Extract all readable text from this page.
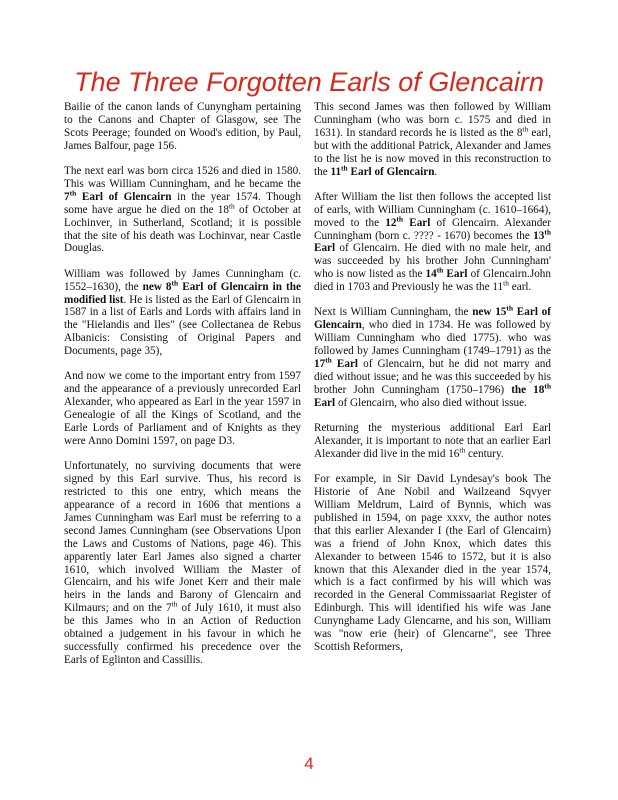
The Three Forgotten Earls of Glencairn

Bailie of the canon lands of Cunyngham pertaining to the Canons and Chapter of Glasgow, see The Scots Peerage; founded on Wood's edition, by Paul, James Balfour, page 156.

The next earl was born circa 1526 and died in 1580. This was William Cunningham, and he became the 7th Earl of Glencairn in the year 1574. Though some have argue he died on the 18th of October at Lochinver, in Sutherland, Scotland; it is possible that the site of his death was Lochinvar, near Castle Douglas.

William was followed by James Cunningham (c. 1552–1630), the new 8th Earl of Glencairn in the modified list. He is listed as the Earl of Glencairn in 1587 in a list of Earls and Lords with affairs land in the "Hielandis and Iles" (see Collectanea de Rebus Albanicis: Consisting of Original Papers and Documents, page 35),

And now we come to the important entry from 1597 and the appearance of a previously unrecorded Earl Alexander, who appeared as Earl in the year 1597 in Genealogie of all the Kings of Scotland, and the Earle Lords of Parliament and of Knights as they were Anno Domini 1597, on page D3.

Unfortunately, no surviving documents that were signed by this Earl survive. Thus, his record is restricted to this one entry, which means the appearance of a record in 1606 that mentions a James Cunningham was Earl must be referring to a second James Cunningham (see Observations Upon the Laws and Customs of Nations, page 46). This apparently later Earl James also signed a charter 1610, which involved William the Master of Glencairn, and his wife Jonet Kerr and their male heirs in the lands and Barony of Glencairn and Kilmaurs; and on the 7th of July 1610, it must also be this James who in an Action of Reduction obtained a judgement in his favour in which he successfully confirmed his precedence over the Earls of Eglinton and Cassillis.

This second James was then followed by William Cunningham (who was born c. 1575 and died in 1631). In standard records he is listed as the 8th earl, but with the additional Patrick, Alexander and James to the list he is now moved in this reconstruction to the 11th Earl of Glencairn.

After William the list then follows the accepted list of earls, with William Cunningham (c. 1610–1664), moved to the 12th Earl of Glencairn. Alexander Cunningham (born c. ???? - 1670) becomes the 13th Earl of Glencairn. He died with no male heir, and was succeeded by his brother John Cunningham' who is now listed as the 14th Earl of Glencairn.John died in 1703 and Previously he was the 11th earl.

Next is William Cunningham, the new 15th Earl of Glencairn, who died in 1734. He was followed by William Cunningham who died 1775). who was followed by James Cunningham (1749–1791) as the 17th Earl of Glencairn, but he did not marry and died without issue; and he was this succeeded by his brother John Cunningham (1750–1796) the 18th Earl of Glencairn, who also died without issue.

Returning the mysterious additional Earl Earl Alexander, it is important to note that an earlier Earl Alexander did live in the mid 16th century.

For example, in Sir David Lyndesay's book The Historie of Ane Nobil and Wailzeand Sqvyer William Meldrum, Laird of Bynnis, which was published in 1594, on page xxxv, the author notes that this earlier Alexander I (the Earl of Glencairn) was a friend of John Knox, which dates this Alexander to between 1546 to 1572, but it is also known that this Alexander died in the year 1574, which is a fact confirmed by his will which was recorded in the General Commissaariat Register of Edinburgh. This will identified his wife was Jane Cunynghame Lady Glencarne, and his son, William was "now erie (heir) of Glencarne", see Three Scottish Reformers,

4
